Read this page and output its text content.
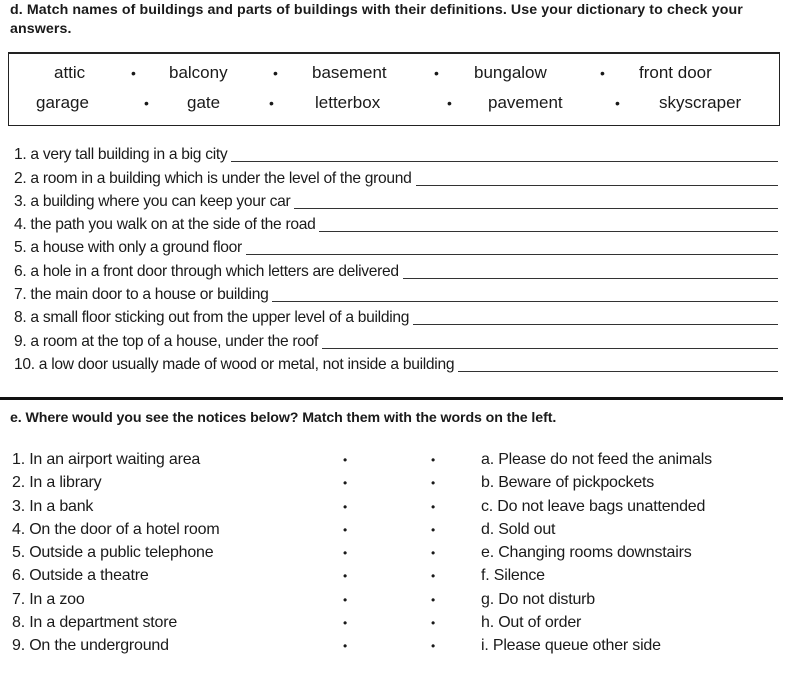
d. Match names of buildings and parts of buildings with their definitions. Use your dictionary to check your answers.
attic	• balcony	• basement	• bungalow	• front door
garage	• gate	• letterbox	• pavement	• skyscraper
1. a very tall building in a big city
2. a room in a building which is under the level of the ground
3. a building where you can keep your car
4. the path you walk on at the side of the road
5. a house with only a ground floor
6. a hole in a front door through which letters are delivered
7. the main door to a house or building
8. a small floor sticking out from the upper level of a building
9. a room at the top of a house, under the roof
10. a low door usually made of wood or metal, not inside a building
e. Where would you see the notices below? Match them with the words on the left.
1. In an airport waiting area	•	•	a. Please do not feed the animals
2. In a library	•	•	b. Beware of pickpockets
3. In a bank	•	•	c. Do not leave bags unattended
4. On the door of a hotel room	•	•	d. Sold out
5. Outside a public telephone	•	•	e. Changing rooms downstairs
6. Outside a theatre	•	•	f. Silence
7. In a zoo	•	•	g. Do not disturb
8. In a department store	•	•	h. Out of order
9. On the underground	•	•	i. Please queue other side
